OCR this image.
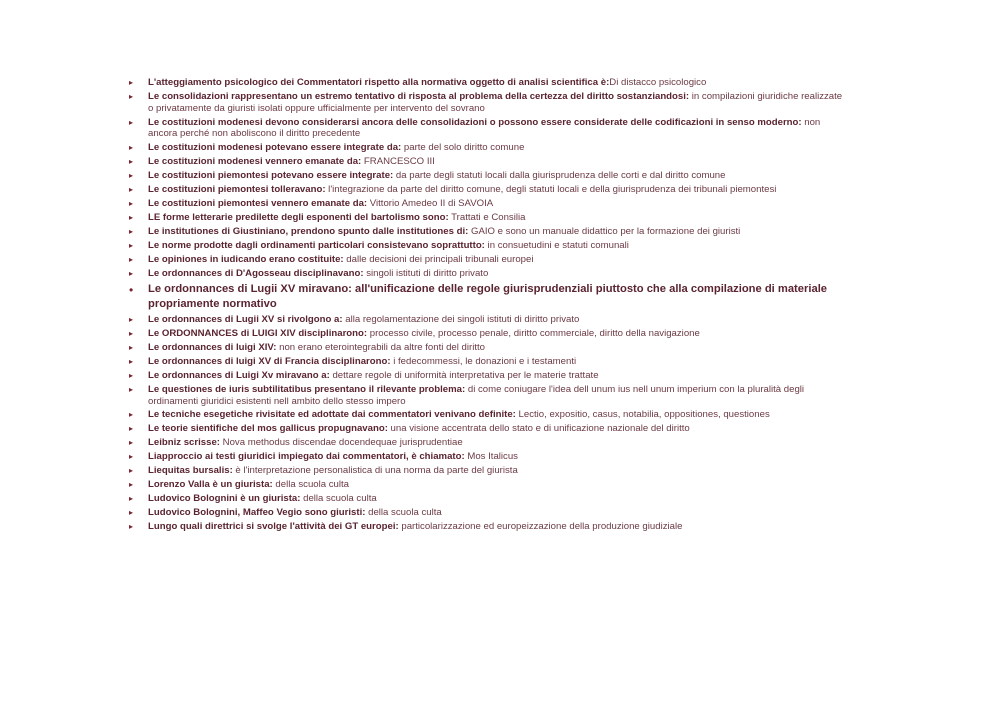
▸ L'atteggiamento psicologico dei Commentatori rispetto alla normativa oggetto di analisi scientifica è:Di distacco psicologico
▸ Le consolidazioni rappresentano un estremo tentativo di risposta al problema della certezza del diritto sostanziandosi: in compilazioni giuridiche realizzate o privatamente da giuristi isolati oppure ufficialmente per intervento del sovrano
▸ Le costituzioni modenesi devono considerarsi ancora delle consolidazioni o possono essere considerate delle codificazioni in senso moderno: non ancora perché non aboliscono il diritto precedente
▸ Le costituzioni modenesi potevano essere integrate da: parte del solo diritto comune
▸ Le costituzioni modenesi vennero emanate da: FRANCESCO III
▸ Le costituzioni piemontesi potevano essere integrate: da parte degli statuti locali dalla giurisprudenza delle corti e dal diritto comune
▸ Le costituzioni piemontesi tolleravano: l'integrazione da parte del diritto comune, degli statuti locali e della giurisprudenza dei tribunali piemontesi
▸ Le costituzioni piemontesi vennero emanate da: Vittorio Amedeo II di SAVOIA
▸ LE forme letterarie predilette degli esponenti del bartolismo sono: Trattati e Consilia
▸ Le institutiones di Giustiniano, prendono spunto dalle institutiones di: GAIO e sono un manuale didattico per la formazione dei giuristi
▸ Le norme prodotte dagli ordinamenti particolari consistevano soprattutto: in consuetudini e statuti comunali
▸ Le opiniones in iudicando erano costituite: dalle decisioni dei principali tribunali europei
▸ Le ordonnances di D'Agosseau disciplinavano: singoli istituti di diritto privato
• Le ordonnances di Lugii XV miravano: all'unificazione delle regole giurisprudenziali piuttosto che alla compilazione di materiale propriamente normativo
▸ Le ordonnances di Lugii XV si rivolgono a: alla regolamentazione dei singoli istituti di diritto privato
▸ Le ORDONNANCES di LUIGI XIV disciplinarono: processo civile, processo penale, diritto commerciale, diritto della navigazione
▸ Le ordonnances di luigi XIV: non erano eterointegrabili da altre fonti del diritto
▸ Le ordonnances di luigi XV di Francia disciplinarono: i fedecommessi, le donazioni e i testamenti
▸ Le ordonnances di Luigi Xv miravano a: dettare regole di uniformità interpretativa per le materie trattate
▸ Le questiones de iuris subtilitatibus presentano il rilevante problema: di come coniugare l'idea dell unum ius nell unum imperium con la pluralità degli ordinamenti giuridici esistenti nell ambito dello stesso impero
▸ Le tecniche esegetiche rivisitate ed adottate dai commentatori venivano definite: Lectio, expositio, casus, notabilia, oppositiones, questiones
▸ Le teorie sientifiche del mos gallicus propugnavano: una visione accentrata dello stato e di unificazione nazionale del diritto
▸ Leibniz scrisse: Nova methodus discendae docendequae jurisprudentiae
▸ Liapproccio ai testi giuridici impiegato dai commentatori, è chiamato: Mos Italicus
▸ Liequitas bursalis: è l'interpretazione personalistica di una norma da parte del giurista
▸ Lorenzo Valla è un giurista: della scuola culta
▸ Ludovico Bolognini è un giurista: della scuola culta
▸ Ludovico Bolognini, Maffeo Vegio sono giuristi: della scuola culta
▸ Lungo quali direttrici si svolge l'attività dei GT europei: particolarizzazione ed europeizzazione della produzione giudiziale
